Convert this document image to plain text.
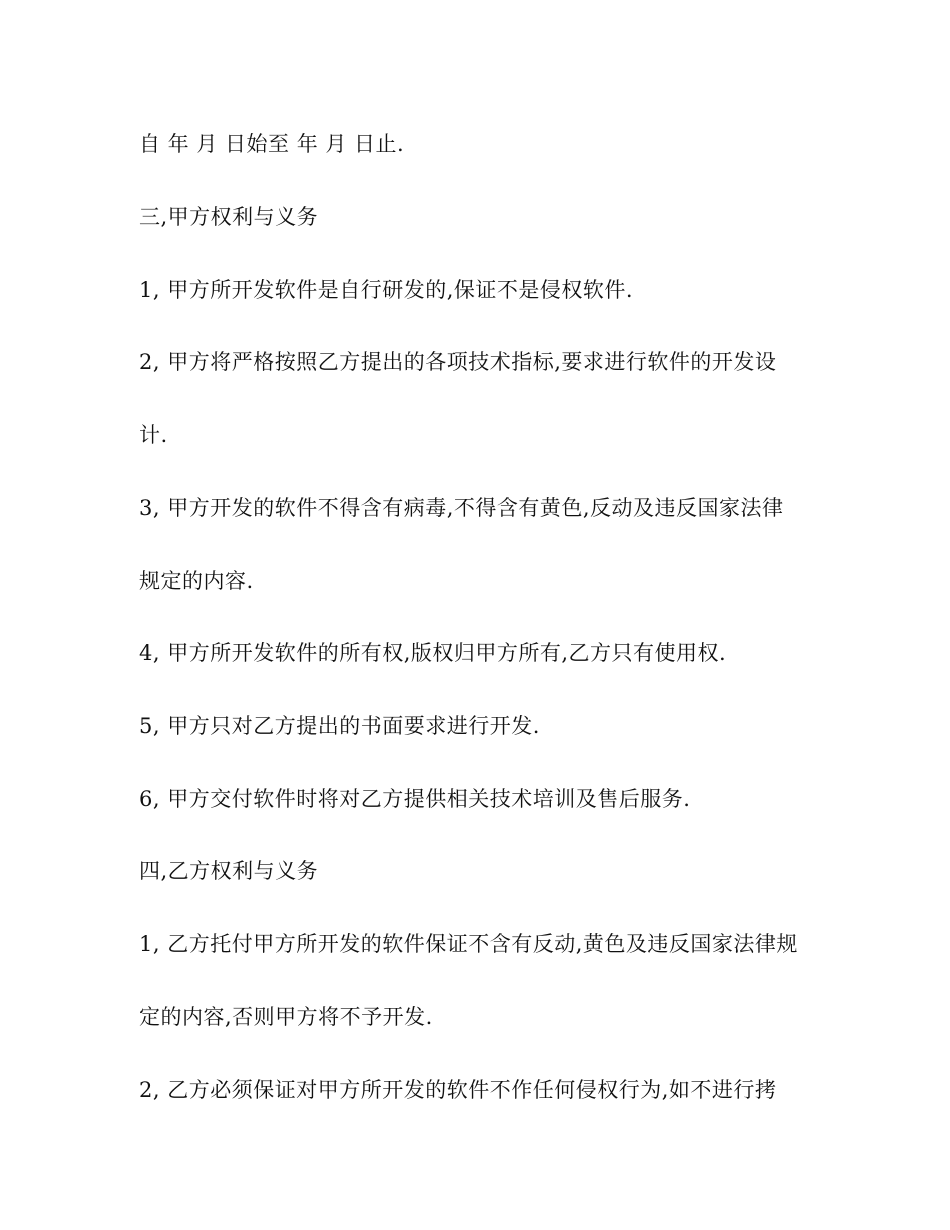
自 年 月 日始至 年 月 日止.
三,甲方权利与义务
1, 甲方所开发软件是自行研发的,保证不是侵权软件.
2, 甲方将严格按照乙方提出的各项技术指标,要求进行软件的开发设
计.
3, 甲方开发的软件不得含有病毒,不得含有黄色,反动及违反国家法律
规定的内容.
4, 甲方所开发软件的所有权,版权归甲方所有,乙方只有使用权.
5, 甲方只对乙方提出的书面要求进行开发.
6, 甲方交付软件时将对乙方提供相关技术培训及售后服务.
四,乙方权利与义务
1, 乙方托付甲方所开发的软件保证不含有反动,黄色及违反国家法律规
定的内容,否则甲方将不予开发.
2, 乙方必须保证对甲方所开发的软件不作任何侵权行为,如不进行拷
